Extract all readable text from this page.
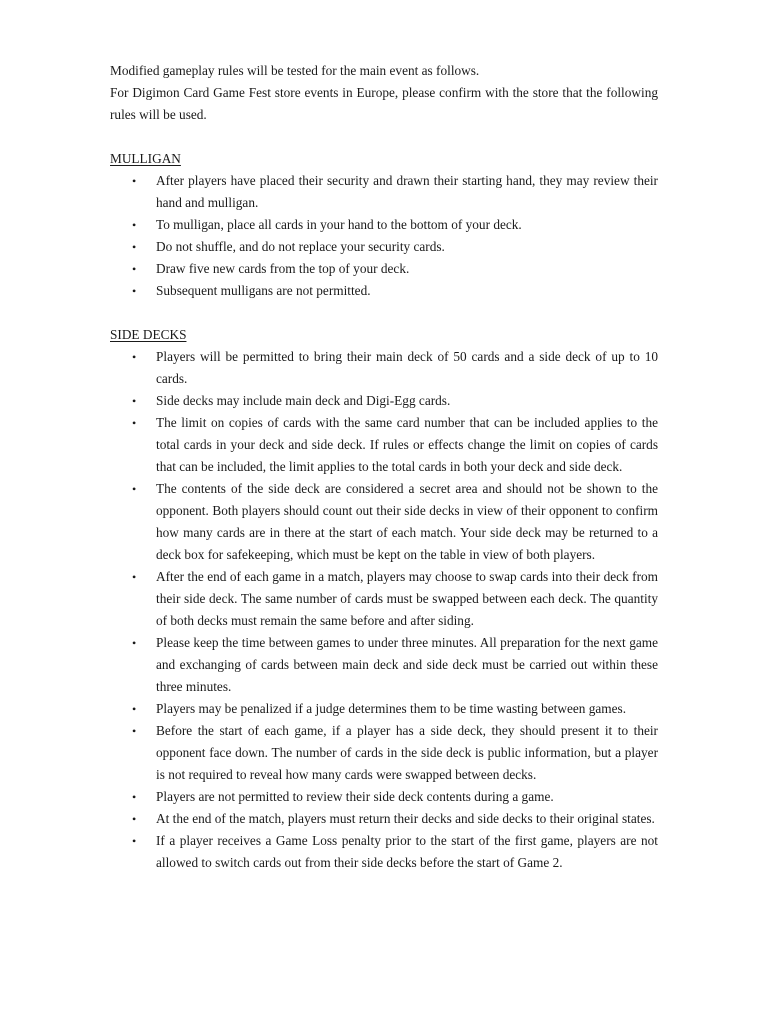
Modified gameplay rules will be tested for the main event as follows.

For Digimon Card Game Fest store events in Europe, please confirm with the store that the following rules will be used.

MULLIGAN
• After players have placed their security and drawn their starting hand, they may review their hand and mulligan.
• To mulligan, place all cards in your hand to the bottom of your deck.
• Do not shuffle, and do not replace your security cards.
• Draw five new cards from the top of your deck.
• Subsequent mulligans are not permitted.
SIDE DECKS
• Players will be permitted to bring their main deck of 50 cards and a side deck of up to 10 cards.
• Side decks may include main deck and Digi-Egg cards.
• The limit on copies of cards with the same card number that can be included applies to the total cards in your deck and side deck. If rules or effects change the limit on copies of cards that can be included, the limit applies to the total cards in both your deck and side deck.
• The contents of the side deck are considered a secret area and should not be shown to the opponent. Both players should count out their side decks in view of their opponent to confirm how many cards are in there at the start of each match. Your side deck may be returned to a deck box for safekeeping, which must be kept on the table in view of both players.
• After the end of each game in a match, players may choose to swap cards into their deck from their side deck. The same number of cards must be swapped between each deck. The quantity of both decks must remain the same before and after siding.
• Please keep the time between games to under three minutes. All preparation for the next game and exchanging of cards between main deck and side deck must be carried out within these three minutes.
• Players may be penalized if a judge determines them to be time wasting between games.
• Before the start of each game, if a player has a side deck, they should present it to their opponent face down. The number of cards in the side deck is public information, but a player is not required to reveal how many cards were swapped between decks.
• Players are not permitted to review their side deck contents during a game.
• At the end of the match, players must return their decks and side decks to their original states.
• If a player receives a Game Loss penalty prior to the start of the first game, players are not allowed to switch cards out from their side decks before the start of Game 2.
